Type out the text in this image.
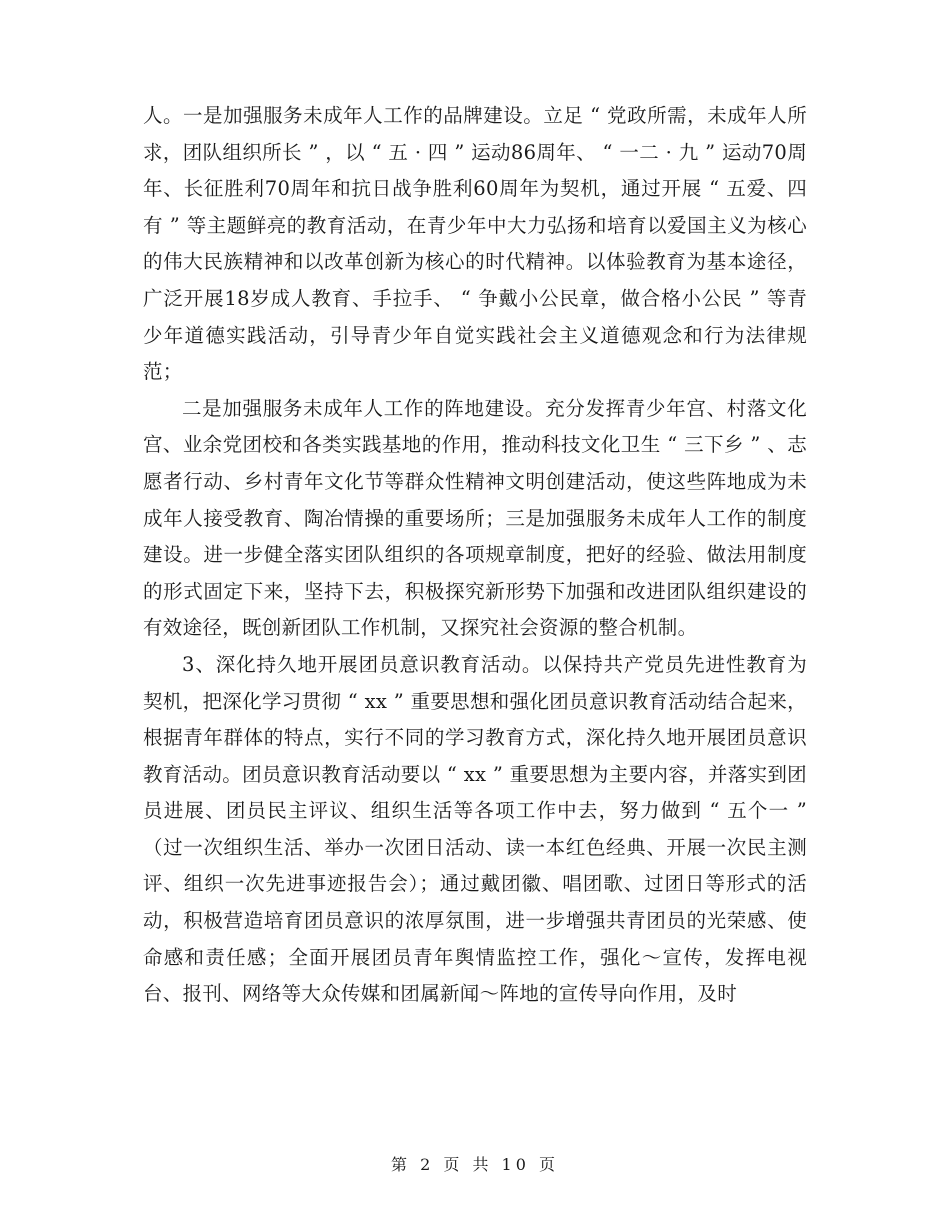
人。一是加强服务未成年人工作的品牌建设。立足 “ 党政所需，未成年人所求，团队组织所长 ” ，以 “ 五 · 四 ” 运动86周年、 “ 一二 · 九 ” 运动70周年、长征胜利70周年和抗日战争胜利60周年为契机，通过开展 “ 五爱、四有 ” 等主题鲜亮的教育活动，在青少年中大力弘扬和培育以爱国主义为核心的伟大民族精神和以改革创新为核心的时代精神。以体验教育为基本途径，广泛开展18岁成人教育、手拉手、 “ 争戴小公民章，做合格小公民 ” 等青少年道德实践活动，引导青少年自觉实践社会主义道德观念和行为法律规范；

二是加强服务未成年人工作的阵地建设。充分发挥青少年宫、村落文化宫、业余党团校和各类实践基地的作用，推动科技文化卫生 “ 三下乡 ” 、志愿者行动、乡村青年文化节等群众性精神文明创建活动，使这些阵地成为未成年人接受教育、陶冶情操的重要场所；三是加强服务未成年人工作的制度建设。进一步健全落实团队组织的各项规章制度，把好的经验、做法用制度的形式固定下来，坚持下去，积极探究新形势下加强和改进团队组织建设的有效途径，既创新团队工作机制，又探究社会资源的整合机制。

3、深化持久地开展团员意识教育活动。以保持共产党员先进性教育为契机，把深化学习贯彻 “ xx ” 重要思想和强化团员意识教育活动结合起来，根据青年群体的特点，实行不同的学习教育方式，深化持久地开展团员意识教育活动。团员意识教育活动要以 “ xx ” 重要思想为主要内容，并落实到团员进展、团员民主评议、组织生活等各项工作中去，努力做到 “ 五个一 ” （过一次组织生活、举办一次团日活动、读一本红色经典、开展一次民主测评、组织一次先进事迹报告会）；通过戴团徽、唱团歌、过团日等形式的活动，积极营造培育团员意识的浓厚氛围，进一步增强共青团员的光荣感、使命感和责任感；全面开展团员青年舆情监控工作，强化～宣传，发挥电视台、报刊、网络等大众传媒和团属新闻～阵地的宣传导向作用，及时

第 2 页 共 10 页
